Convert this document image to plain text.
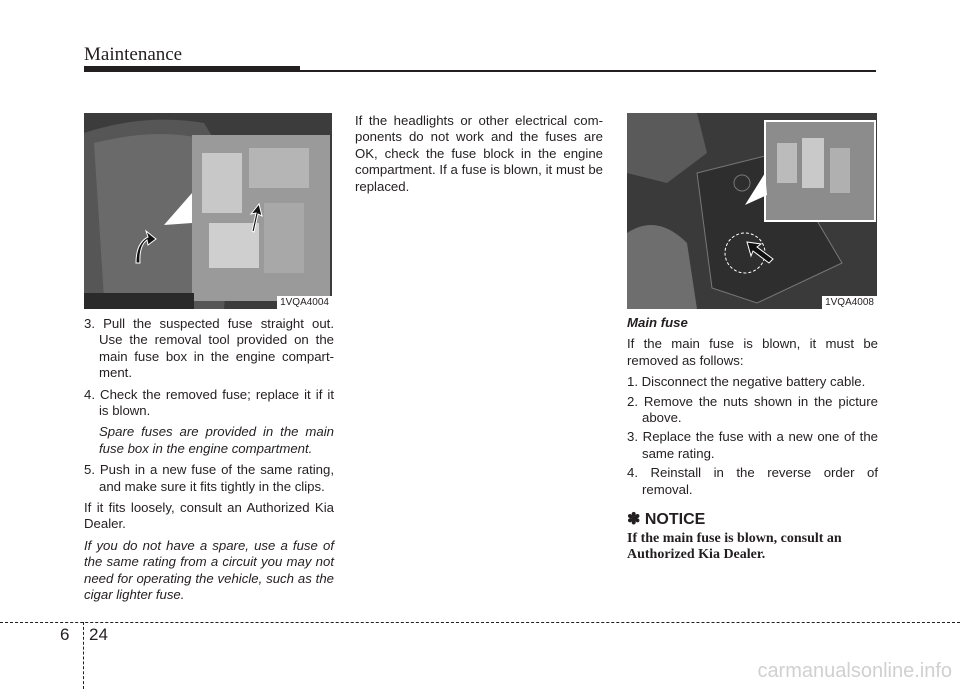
Maintenance
1VQA4004

3. Pull the suspected fuse straight out. Use the removal tool provided on the main fuse box in the engine compart- ment.

4. Check the removed fuse; replace it if it is blown.

Spare fuses are provided in the main fuse box in the engine compartment.

5. Push in a new fuse of the same rating, and make sure it fits tightly in the clips.

If it fits loosely, consult an Authorized Kia Dealer.

If you do not have a spare, use a fuse of the same rating from a circuit you may not need for operating the vehicle, such as the cigar lighter fuse.

If the headlights or other electrical com- ponents do not work and the fuses are OK, check the fuse block in the engine compartment. If a fuse is blown, it must be replaced.

1VQA4008

Main fuse

If the main fuse is blown, it must be removed as follows:

1. Disconnect the negative battery cable.

2. Remove the nuts shown in the picture above.

3. Replace the fuse with a new one of the same rating.

4. Reinstall in the reverse order of removal.

✽ NOTICE

If the main fuse is blown, consult an Authorized Kia Dealer.

6 24
carmanualsonline.info
